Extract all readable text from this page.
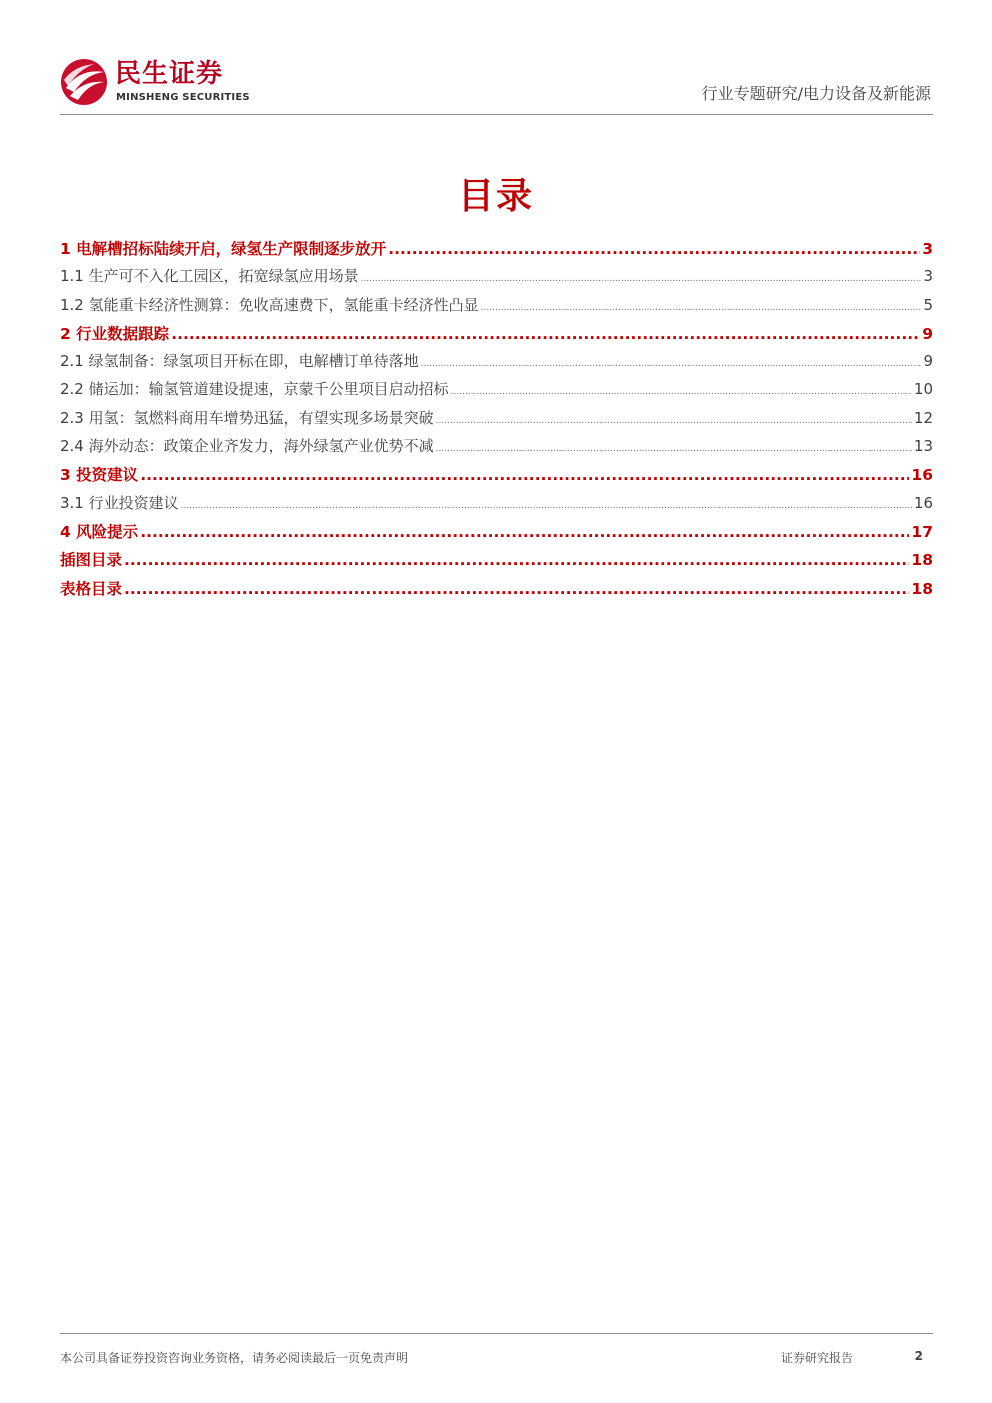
民生证券
MINSHENG SECURITIES	行业专题研究/电力设备及新能源
目录
1 电解槽招标陆续开启，绿氢生产限制逐步放开 .....	3
1.1 生产可不入化工园区，拓宽绿氢应用场景 .....	3
1.2 氢能重卡经济性测算：免收高速费下，氢能重卡经济性凸显 .....	5
2 行业数据跟踪 .....	9
2.1 绿氢制备：绿氢项目开标在即，电解槽订单待落地 .....	9
2.2 储运加：输氢管道建设提速，京蒙千公里项目启动招标 .....	10
2.3 用氢：氢燃料商用车增势迅猛，有望实现多场景突破 .....	12
2.4 海外动态：政策企业齐发力，海外绿氢产业优势不减 .....	13
3 投资建议 .....	16
3.1 行业投资建议 .....	16
4 风险提示 .....	17
插图目录 .....	18
表格目录 .....	18
本公司具备证券投资咨询业务资格，请务必阅读最后一页免责声明	证券研究报告	2
